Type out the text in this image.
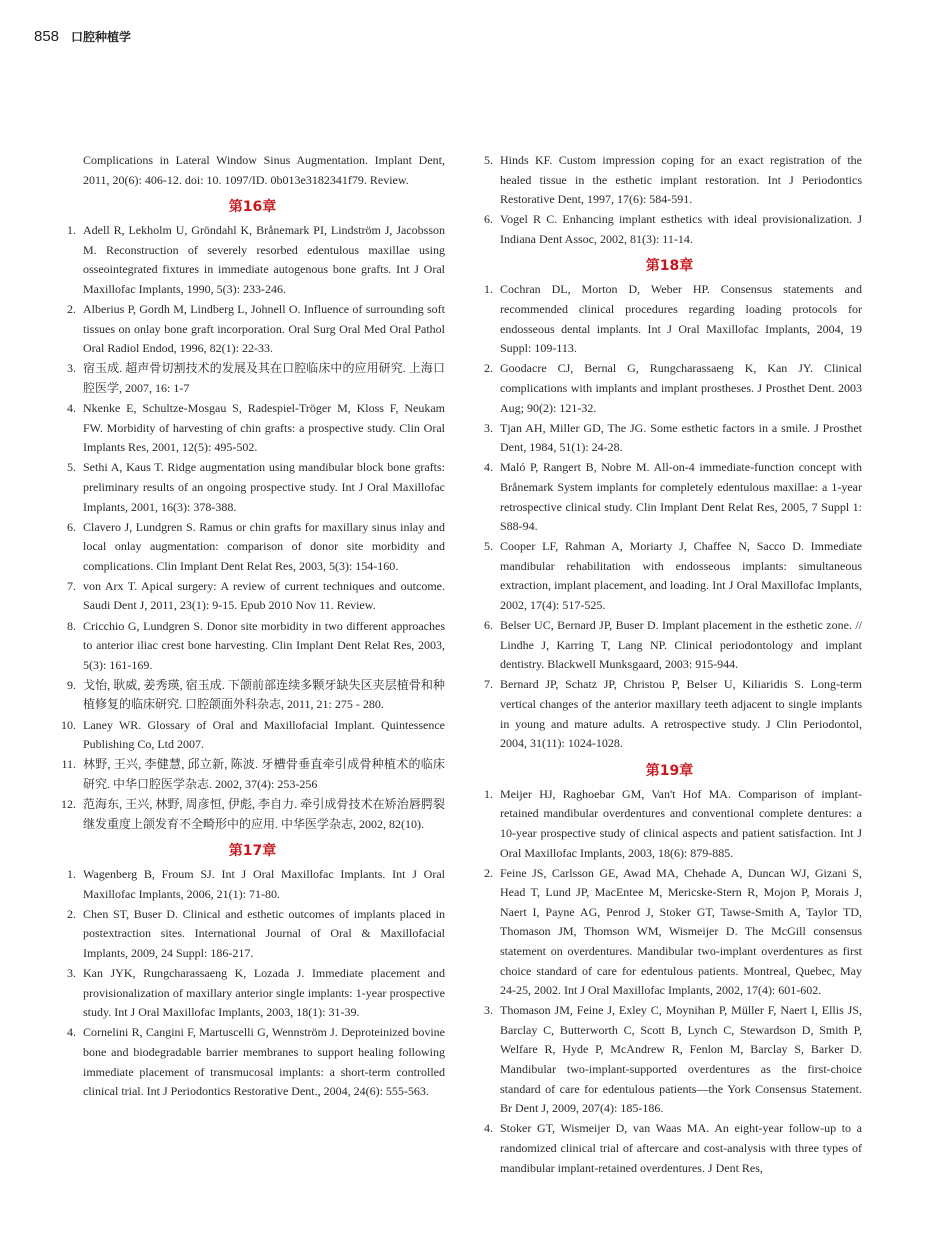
858 口腔种植学

Complications in Lateral Window Sinus Augmentation. Implant Dent, 2011, 20(6): 406-12. doi: 10. 1097/ID. 0b013e3182341f79. Review.

第16章
1. Adell R, Lekholm U, Gröndahl K, Brånemark PI, Lindström J, Jacobsson M. Reconstruction of severely resorbed edentulous maxillae using osseointegrated fixtures in immediate autogenous bone grafts. Int J Oral Maxillofac Implants, 1990, 5(3): 233-246.
2. Alberius P, Gordh M, Lindberg L, Johnell O. Influence of surrounding soft tissues on onlay bone graft incorporation. Oral Surg Oral Med Oral Pathol Oral Radiol Endod, 1996, 82(1): 22-33.
3. 宿玉成. 超声骨切割技术的发展及其在口腔临床中的应用研究. 上海口腔医学, 2007, 16: 1-7
4. Nkenke E, Schultze-Mosgau S, Radespiel-Tröger M, Kloss F, Neukam FW. Morbidity of harvesting of chin grafts: a prospective study. Clin Oral Implants Res, 2001, 12(5): 495-502.
5. Sethi A, Kaus T. Ridge augmentation using mandibular block bone grafts: preliminary results of an ongoing prospective study. Int J Oral Maxillofac Implants, 2001, 16(3): 378-388.
6. Clavero J, Lundgren S. Ramus or chin grafts for maxillary sinus inlay and local onlay augmentation: comparison of donor site morbidity and complications. Clin Implant Dent Relat Res, 2003, 5(3): 154-160.
7. von Arx T. Apical surgery: A review of current techniques and outcome. Saudi Dent J, 2011, 23(1): 9-15. Epub 2010 Nov 11. Review.
8. Cricchio G, Lundgren S. Donor site morbidity in two different approaches to anterior iliac crest bone harvesting. Clin Implant Dent Relat Res, 2003, 5(3): 161-169.
9. 戈怡, 耿威, 姜秀瑛, 宿玉成. 下颌前部连续多颗牙缺失区夹层植骨和种植修复的临床研究. 口腔颌面外科杂志, 2011, 21: 275 - 280.
10. Laney WR. Glossary of Oral and Maxillofacial Implant. Quintessence Publishing Co, Ltd 2007.
11. 林野, 王兴, 李健慧, 邱立新, 陈波. 牙槽骨垂直牵引成骨种植术的临床研究. 中华口腔医学杂志. 2002, 37(4): 253-256
12. 范海东, 王兴, 林野, 周彦恒, 伊彪, 李自力. 牵引成骨技术在矫治唇腭裂继发重度上颌发育不全畸形中的应用. 中华医学杂志, 2002, 82(10).
第17章
1. Wagenberg B, Froum SJ. Int J Oral Maxillofac Implants. Int J Oral Maxillofac Implants, 2006, 21(1): 71-80.
2. Chen ST, Buser D. Clinical and esthetic outcomes of implants placed in postextraction sites. International Journal of Oral & Maxillofacial Implants, 2009, 24 Suppl: 186-217.
3. Kan JYK, Rungcharassaeng K, Lozada J. Immediate placement and provisionalization of maxillary anterior single implants: 1-year prospective study. Int J Oral Maxillofac Implants, 2003, 18(1): 31-39.
4. Cornelini R, Cangini F, Martuscelli G, Wennström J. Deproteinized bovine bone and biodegradable barrier membranes to support healing following immediate placement of transmucosal implants: a short-term controlled clinical trial. Int J Periodontics Restorative Dent., 2004, 24(6): 555-563.
5. Hinds KF. Custom impression coping for an exact registration of the healed tissue in the esthetic implant restoration. Int J Periodontics Restorative Dent, 1997, 17(6): 584-591.
6. Vogel R C. Enhancing implant esthetics with ideal provisionalization. J Indiana Dent Assoc, 2002, 81(3): 11-14.
第18章
1. Cochran DL, Morton D, Weber HP. Consensus statements and recommended clinical procedures regarding loading protocols for endosseous dental implants. Int J Oral Maxillofac Implants, 2004, 19 Suppl: 109-113.
2. Goodacre CJ, Bernal G, Rungcharassaeng K, Kan JY. Clinical complications with implants and implant prostheses. J Prosthet Dent. 2003 Aug; 90(2): 121-32.
3. Tjan AH, Miller GD, The JG. Some esthetic factors in a smile. J Prosthet Dent, 1984, 51(1): 24-28.
4. Maló P, Rangert B, Nobre M. All-on-4 immediate-function concept with Brånemark System implants for completely edentulous maxillae: a 1-year retrospective clinical study. Clin Implant Dent Relat Res, 2005, 7 Suppl 1: S88-94.
5. Cooper LF, Rahman A, Moriarty J, Chaffee N, Sacco D. Immediate mandibular rehabilitation with endosseous implants: simultaneous extraction, implant placement, and loading. Int J Oral Maxillofac Implants, 2002, 17(4): 517-525.
6. Belser UC, Bernard JP, Buser D. Implant placement in the esthetic zone. // Lindhe J, Karring T, Lang NP. Clinical periodontology and implant dentistry. Blackwell Munksgaard, 2003: 915-944.
7. Bernard JP, Schatz JP, Christou P, Belser U, Kiliaridis S. Long-term vertical changes of the anterior maxillary teeth adjacent to single implants in young and mature adults. A retrospective study. J Clin Periodontol, 2004, 31(11): 1024-1028.
第19章
1. Meijer HJ, Raghoebar GM, Van't Hof MA. Comparison of implant-retained mandibular overdentures and conventional complete dentures: a 10-year prospective study of clinical aspects and patient satisfaction. Int J Oral Maxillofac Implants, 2003, 18(6): 879-885.
2. Feine JS, Carlsson GE, Awad MA, Chehade A, Duncan WJ, Gizani S, Head T, Lund JP, MacEntee M, Mericske-Stern R, Mojon P, Morais J, Naert I, Payne AG, Penrod J, Stoker GT, Tawse-Smith A, Taylor TD, Thomason JM, Thomson WM, Wismeijer D. The McGill consensus statement on overdentures. Mandibular two-implant overdentures as first choice standard of care for edentulous patients. Montreal, Quebec, May 24-25, 2002. Int J Oral Maxillofac Implants, 2002, 17(4): 601-602.
3. Thomason JM, Feine J, Exley C, Moynihan P, Müller F, Naert I, Ellis JS, Barclay C, Butterworth C, Scott B, Lynch C, Stewardson D, Smith P, Welfare R, Hyde P, McAndrew R, Fenlon M, Barclay S, Barker D. Mandibular two-implant-supported overdentures as the first-choice standard of care for edentulous patients—the York Consensus Statement. Br Dent J, 2009, 207(4): 185-186.
4. Stoker GT, Wismeijer D, van Waas MA. An eight-year follow-up to a randomized clinical trial of aftercare and cost-analysis with three types of mandibular implant-retained overdentures. J Dent Res,
